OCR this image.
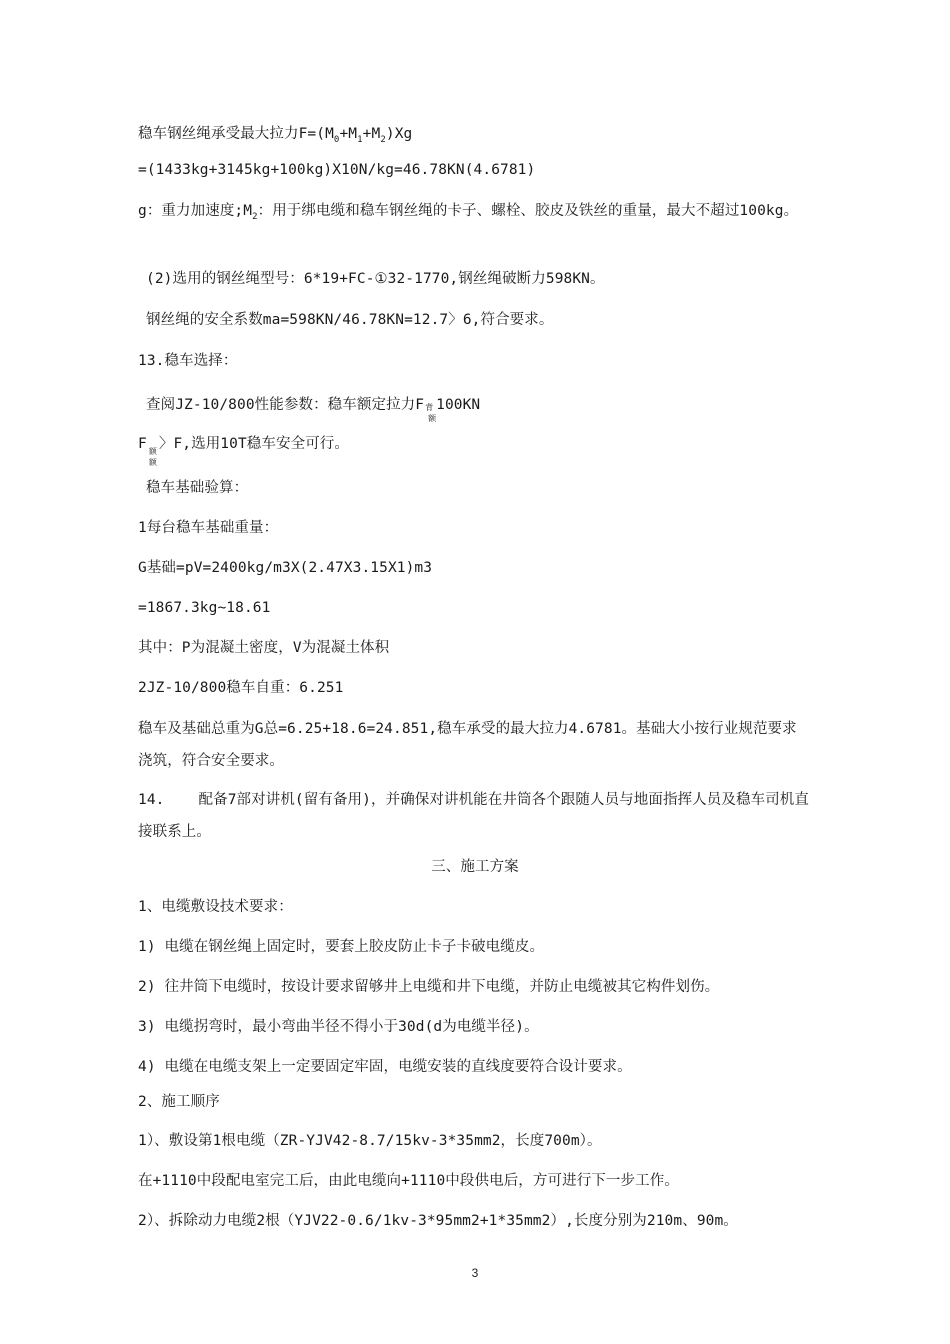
稳车钢丝绳承受最大拉力$F=(M_0+M_1+M_2)Xg$
=(1433kg+3145kg+100kg)X10N/kg=46.78KN(4.6781)
g：重力加速度$;M_2$：用于绑电缆和稳车钢丝绳的卡子、螺栓、胶皮及铁丝的重量，最大不超过100kg。
(2)选用的钢丝绳型号：6*19+FC-①32-1770,钢丝绳破断力598KN。
钢丝绳的安全系数ma=598KN/46.78KN=12.7〉6,符合要求。
13.稳车选择：
查阅JZ-10/800性能参数：稳车额定拉力F 背
额
100KN
F 额
额
〉F,选用10T稳车安全可行。
稳车基础验算：
1每台稳车基础重量：
G基础=pV=2400kg/m3X(2.47X3.15X1)m3
=1867.3kg~18.61
其中：P为混凝土密度，V为混凝土体积
2JZ-10/800稳车自重：6.251
稳车及基础总重为G总=6.25+18.6=24.851,稳车承受的最大拉力4.6781。基础大小按行业规范要求浇筑，符合安全要求。
14. 配备7部对讲机(留有备用)，并确保对讲机能在井筒各个跟随人员与地面指挥人员及稳车司机直接联系上。
三、施工方案
1、电缆敷设技术要求：
1) 电缆在钢丝绳上固定时，要套上胶皮防止卡子卡破电缆皮。
2) 往井筒下电缆时，按设计要求留够井上电缆和井下电缆，并防止电缆被其它构件划伤。
3) 电缆拐弯时，最小弯曲半径不得小于30d(d为电缆半径)。
4) 电缆在电缆支架上一定要固定牢固，电缆安装的直线度要符合设计要求。
2、施工顺序
1）、敷设第1根电缆（ZR-YJV42-8.7/15kv-3*35mm2，长度700m）。
在+1110中段配电室完工后，由此电缆向+1110中段供电后，方可进行下一步工作。
2）、拆除动力电缆2根（YJV22-0.6/1kv-3*95mm2+1*35mm2）,长度分别为210m、90m。
3
